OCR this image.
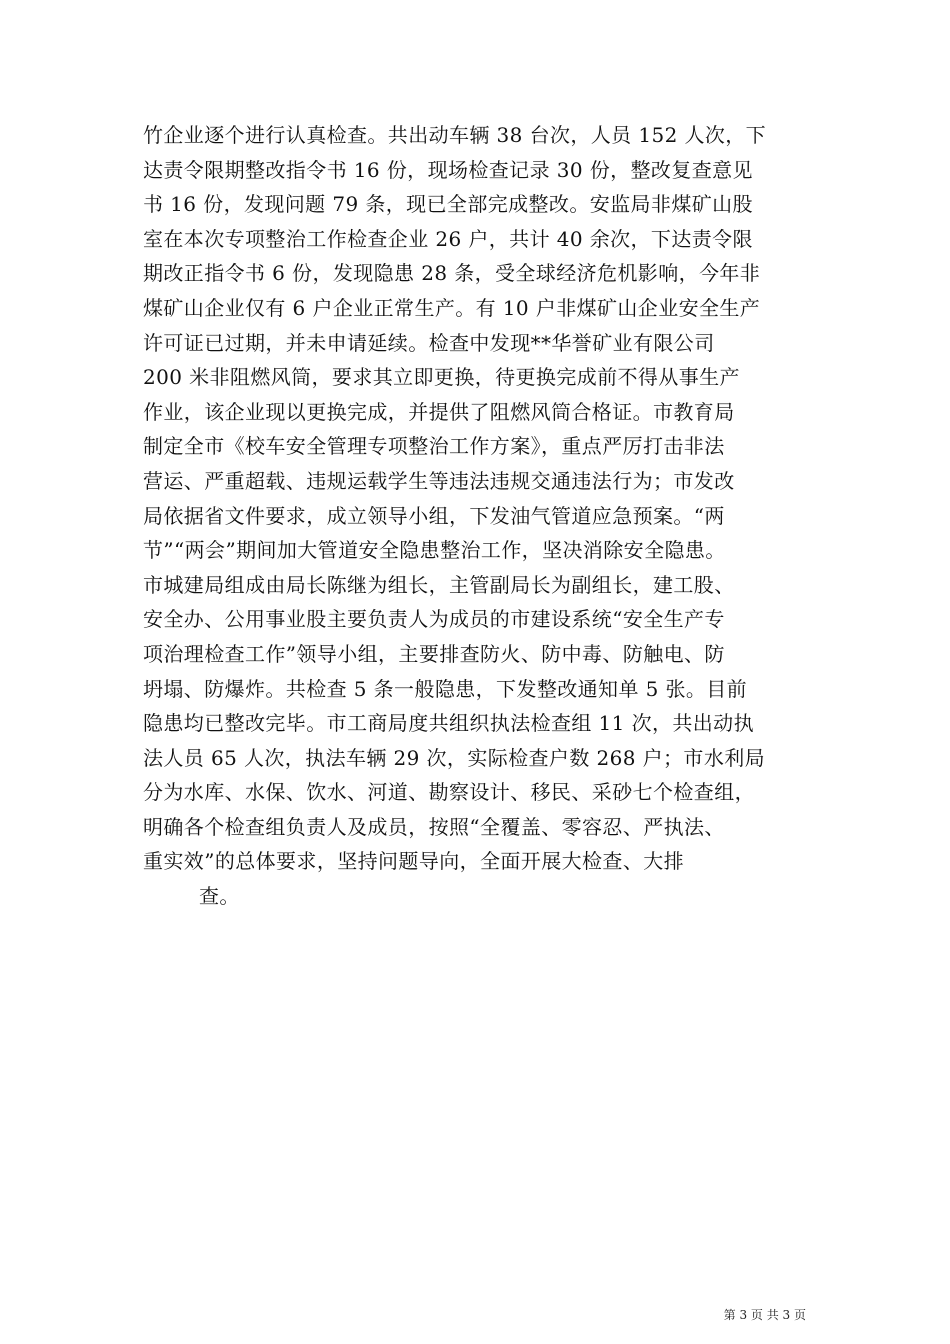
竹企业逐个进行认真检查。共出动车辆 38 台次，人员 152 人次，下
达责令限期整改指令书 16 份，现场检查记录 30 份，整改复查意见
书 16 份，发现问题 79 条，现已全部完成整改。安监局非煤矿山股
室在本次专项整治工作检查企业 26 户，共计 40 余次，下达责令限
期改正指令书 6 份，发现隐患 28 条，受全球经济危机影响，今年非
煤矿山企业仅有 6 户企业正常生产。有 10 户非煤矿山企业安全生产
许可证已过期，并未申请延续。检查中发现**华誉矿业有限公司
200 米非阻燃风筒，要求其立即更换，待更换完成前不得从事生产
作业，该企业现以更换完成，并提供了阻燃风筒合格证。市教育局
制定全市《校车安全管理专项整治工作方案》，重点严厉打击非法
营运、严重超载、违规运载学生等违法违规交通违法行为；市发改
局依据省文件要求，成立领导小组，下发油气管道应急预案。“两
节”“两会”期间加大管道安全隐患整治工作，坚决消除安全隐患。
市城建局组成由局长陈继为组长，主管副局长为副组长，建工股、
安全办、公用事业股主要负责人为成员的市建设系统“安全生产专
项治理检查工作”领导小组，主要排查防火、防中毒、防触电、防
坍塌、防爆炸。共检查 5 条一般隐患，下发整改通知单 5 张。目前
隐患均已整改完毕。市工商局度共组织执法检查组 11 次，共出动执
法人员 65 人次，执法车辆 29 次，实际检查户数 268 户；市水利局
分为水库、水保、饮水、河道、勘察设计、移民、采砂七个检查组，
明确各个检查组负责人及成员，按照“全覆盖、零容忍、严执法、
重实效”的总体要求，坚持问题导向，全面开展大检查、大排
查。
第 3 页 共 3 页
